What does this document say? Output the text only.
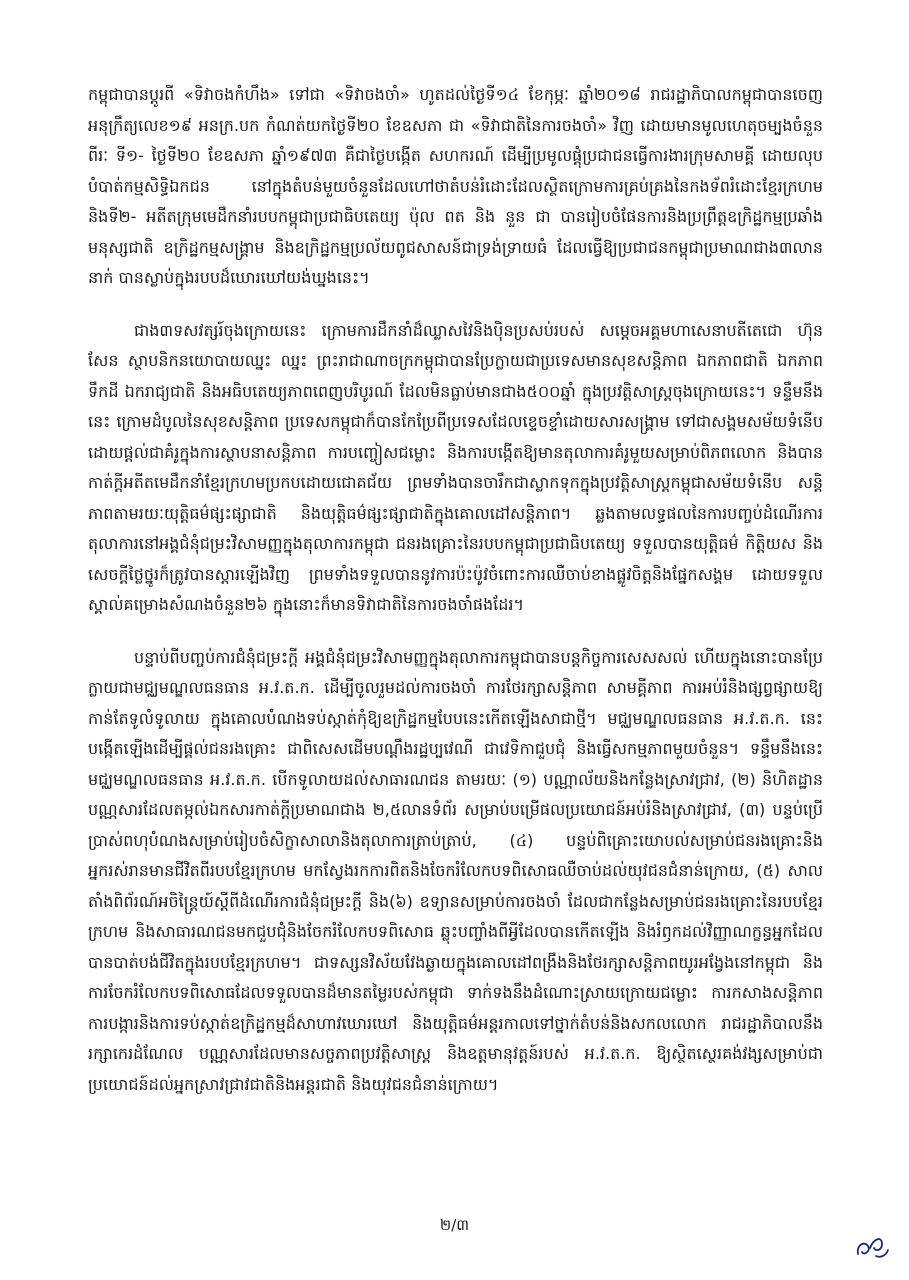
កម្ពុជាបានប្តូរពី «ទិវាចងកំហឹង» ទៅជា «ទិវាចងចាំ» ហូតដល់ថ្ងៃទី១៤ ខែកុម្ភៈ ឆ្នាំ២០១៨ រាជរដ្ឋាភិបាលកម្ពុជាបានចេញអនុក្រឹត្យលេខ១៩ អនក្រ.បក កំណត់យកថ្ងៃទី២០ ខែឧសភា ជា «ទិវាជាតិនៃការចងចាំ» វិញ ដោយមានមូលហេតុចម្បងចំនួនពីរៈ ទី១- ថ្ងៃទី២០ ខែឧសភា ឆ្នាំ១៩៧៣ គឺជាថ្ងៃបង្កើត សហករណ៍ ដើម្បីប្រមូលផ្តុំប្រជាជនធ្វើការងារក្រុមសាមគ្គី ដោយលុបបំបាត់កម្មសិទ្ធិឯកជន នៅក្នុងតំបន់មួយចំនួនដែលហៅថាតំបន់រំដោះដែលស្ថិតក្រោមការគ្រប់គ្រងនៃកងទ័ពរំដោះខ្មែរក្រហម និងទី២- អតីតក្រុមមេដឹកនាំរបបកម្ពុជាប្រជាធិបតេយ្យ ប៉ុល ពត និង នួន ជា បានរៀបចំផែនការនិងប្រព្រឹត្តឧក្រិដ្ឋកម្មប្រឆាំងមនុស្សជាតិ ឧក្រិដ្ឋកម្មសង្គ្រាម និងឧក្រិដ្ឋកម្មប្រល័យពូជសាសន៍ជាទ្រង់ទ្រាយធំ ដែលធ្វើឱ្យប្រជាជនកម្ពុជាប្រមាណជាង៣លាននាក់ បានស្លាប់ក្នុងរបបដ៏ឃោរឃៅយង់ឃ្នងនេះ។

ជាង៣ទសវត្សរ៍ចុងក្រោយនេះ ក្រោមការដឹកនាំដ៏ឈ្លាសវៃនិងប៉ិនប្រសប់របស់ សម្តេចអគ្គមហាសេនាបតីតេជោ ហ៊ុន សែន ស្ថាបនិកនយោបាយឈ្នះ ឈ្នះ ព្រះរាជាណាចក្រកម្ពុជាបានប្រែក្លាយជាប្រទេសមានសុខសន្តិភាព ឯកភាពជាតិ ឯកភាពទឹកដី ឯករាជ្យជាតិ និងអធិបតេយ្យភាពពេញបរិបូរណ៍ ដែលមិនធ្លាប់មានជាង៥០០ឆ្នាំ ក្នុងប្រវត្តិសាស្ត្រចុងក្រោយនេះ។ ទន្ទឹមនឹងនេះ ក្រោមដំបូលនៃសុខសន្តិភាព ប្រទេសកម្ពុជាក៏បានកែប្រែពីប្រទេសដែលខ្ទេចខ្ទាំដោយសារសង្គ្រាម ទៅជាសង្គមសម័យទំនើប ដោយផ្តល់ជាគំរូក្នុងការស្ថាបនាសន្តិភាព ការបញ្ចៀសជម្លោះ និងការបង្កើតឱ្យមានតុលាការគំរូមួយសម្រាប់ពិភពលោក និងបានកាត់ក្តីអតីតមេដឹកនាំខ្មែរក្រហមប្រកបដោយជោគជ័យ ព្រមទាំងបានចារឹកជាស្លាកទុកក្នុងប្រវត្តិសាស្ត្រកម្ពុជាសម័យទំនើប សន្តិភាពតាមរយៈយុត្តិធម៌ផ្សះផ្សាជាតិ និងយុត្តិធម៌ផ្សះផ្សាជាតិក្នុងគោលដៅសន្តិភាព។ ឆ្លងតាមលទ្ធផលនៃការបញ្ចប់ដំណើរការតុលាការនៅអង្គជំនុំជម្រះវិសាមញ្ញក្នុងតុលាការកម្ពុជា ជនរងគ្រោះនៃរបបកម្ពុជាប្រជាធិបតេយ្យ ទទួលបានយុត្តិធម៌ កិត្តិយស និងសេចក្តីថ្លៃថ្នូរក៏ត្រូវបានស្តារឡើងវិញ ព្រមទាំងទទួលបាននូវការប៉ះប៉ូវចំពោះការឈឺចាប់ខាងផ្លូវចិត្តនិងផ្នែកសង្គម ដោយទទួលស្គាល់គម្រោងសំណងចំនួន២៦ ក្នុងនោះក៏មានទិវាជាតិនៃការចងចាំផងដែរ។

បន្ទាប់ពីបញ្ចប់ការជំនុំជម្រះក្តី អង្គជំនុំជម្រះវិសាមញ្ញក្នុងតុលាការកម្ពុជាបានបន្តកិច្ចការសេសសល់ ហើយក្នុងនោះបានប្រែក្លាយជាមជ្ឈមណ្ឌលធនធាន អ.វ.ត.ក. ដើម្បីចូលរួមដល់ការចងចាំ ការថែរក្សាសន្តិភាព សាមគ្គីភាព ការអប់រំនិងផ្សព្វផ្សាយឱ្យកាន់តែទូលំទូលាយ ក្នុងគោលបំណងទប់ស្កាត់កុំឱ្យឧក្រិដ្ឋកម្មបែបនេះកើតឡើងសាជាថ្មី។ មជ្ឈមណ្ឌលធនធាន អ.វ.ត.ក. នេះបង្កើតឡើងដើម្បីផ្តល់ជនរងគ្រោះ ជាពិសេសដើមបណ្តឹងរដ្ឋប្បវេណី ជាវេទិកាជួបជុំ និងធ្វើសកម្មភាពមួយចំនួន។ ទន្ទឹមនឹងនេះ មជ្ឈមណ្ឌលធនធាន អ.វ.ត.ក. បើកទូលាយដល់សាធារណជន តាមរយៈ (១) បណ្ណាល័យនិងកន្លែងស្រាវជ្រាវ, (២) និហិតដ្ឋានបណ្ណសារដែលតម្កល់ឯកសារកាត់ក្តីប្រមាណជាង ២,៥លានទំព័រ សម្រាប់បម្រើផលប្រយោជន៍អប់រំនិងស្រាវជ្រាវ, (៣) បន្ទប់ប្រើប្រាស់ពហុបំណងសម្រាប់រៀបចំសិក្ខាសាលានិងតុលាការត្រាប់ត្រាប់, (៤) បន្ទប់ពិគ្រោះយោបល់សម្រាប់ជនរងគ្រោះនិងអ្នករស់រានមានជីវិតពីរបបខ្មែរក្រហម មកស្វែងរកការពិតនិងចែករំលែកបទពិសោធឈឺចាប់ដល់យុវជនជំនាន់ក្រោយ, (៥) សាលតាំងពិព័រណ៍អចិន្ត្រៃយ៍ស្តីពីដំណើរការជំនុំជម្រះក្តី និង(៦) ឧទ្យានសម្រាប់ការចងចាំ ដែលជាកន្លែងសម្រាប់ជនរងគ្រោះនៃរបបខ្មែរក្រហម និងសាធារណជនមកជួបជុំនិងចែករំលែកបទពិសោធ ឆ្លុះបញ្ចាំងពីអ្វីដែលបានកើតឡើង និងរំឭកដល់វិញ្ញាណក្ខន្ធអ្នកដែលបានបាត់បង់ជីវិតក្នុងរបបខ្មែរក្រហម។ ជាទស្សនវិស័យវែងឆ្ងាយក្នុងគោលដៅពង្រឹងនិងថែរក្សាសន្តិភាពយូរអង្វែងនៅកម្ពុជា និងការចែករំលែកបទពិសោធដែលទទួលបានដ៏មានតម្លៃរបស់កម្ពុជា ទាក់ទងនឹងដំណោះស្រាយក្រោយជម្លោះ ការកសាងសន្តិភាព ការបង្ការនិងការទប់ស្កាត់ឧក្រិដ្ឋកម្មដ៏សាហាវឃោរឃៅ និងយុត្តិធម៌អន្តរកាលទៅថ្នាក់តំបន់និងសកលលោក រាជរដ្ឋាភិបាលនឹងរក្សាកេរដំណែល បណ្ណសារដែលមានសច្ចភាពប្រវត្តិសាស្ត្រ និងឧត្តមានុវត្តន៍របស់ អ.វ.ត.ក. ឱ្យស្ថិតស្ថេរគង់វង្សសម្រាប់ជាប្រយោជន៍ដល់អ្នកស្រាវជ្រាវជាតិនិងអន្តរជាតិ និងយុវជនជំនាន់ក្រោយ។

២/៣
